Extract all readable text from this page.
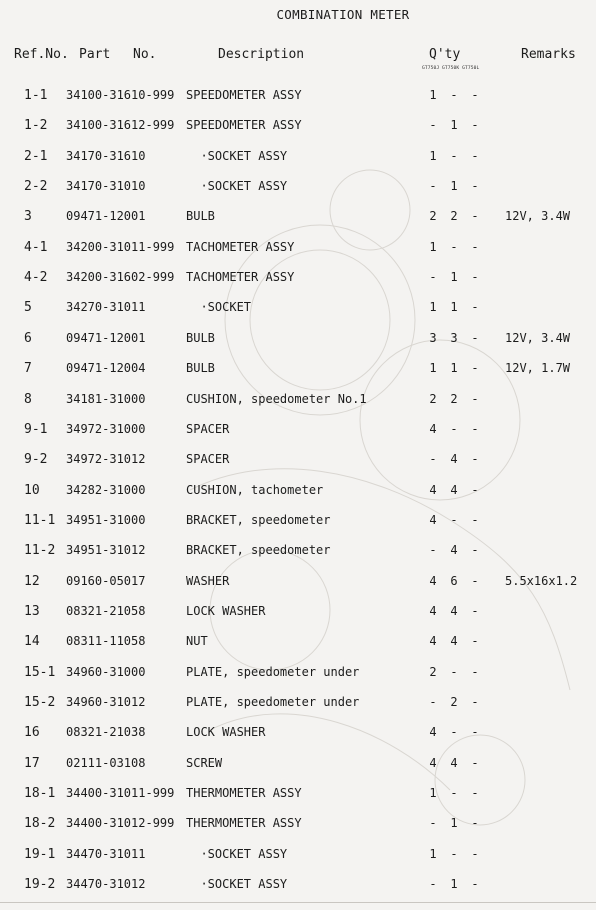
COMBINATION METER
Ref.No. Part No.	Description	Q'ty	Remarks
GT750J GT750K GT750L
1-1 34100-31610-999 SPEEDOMETER ASSY	1 - -
1-2 34100-31612-999 SPEEDOMETER ASSY	- 1 -
2-1 34170-31610	·SOCKET ASSY	1 - -
2-2 34170-31010	·SOCKET ASSY	- 1 -
3	09471-12001	BULB	2 2 - 12V, 3.4W
4-1 34200-31011-999 TACHOMETER ASSY	1 - -
4-2 34200-31602-999 TACHOMETER ASSY	- 1 -
5	34270-31011	·SOCKET	1 1 -
6	09471-12001	BULB	3 3 - 12V, 3.4W
7	09471-12004	BULB	1 1 - 12V, 1.7W
8	34181-31000	CUSHION, speedometer No.1	2 2 -
9-1 34972-31000	SPACER	4 - -
9-2 34972-31012	SPACER	- 4 -
10 34282-31000	CUSHION, tachometer	4 4 -
11-1 34951-31000	BRACKET, speedometer	4 - -
11-2 34951-31012	BRACKET, speedometer	- 4 -
12 09160-05017	WASHER	4 6 - 5.5x16x1.2
13 08321-21058	LOCK WASHER	4 4 -
14 08311-11058	NUT	4 4 -
15-1 34960-31000	PLATE, speedometer under	2 - -
15-2 34960-31012	PLATE, speedometer under	- 2 -
16 08321-21038	LOCK WASHER	4 - -
17 02111-03108	SCREW	4 4 -
18-1 34400-31011-999 THERMOMETER ASSY	1 - -
18-2 34400-31012-999 THERMOMETER ASSY	- 1 -
19-1 34470-31011	·SOCKET ASSY	1 - -
19-2 34470-31012	·SOCKET ASSY	- 1 -
